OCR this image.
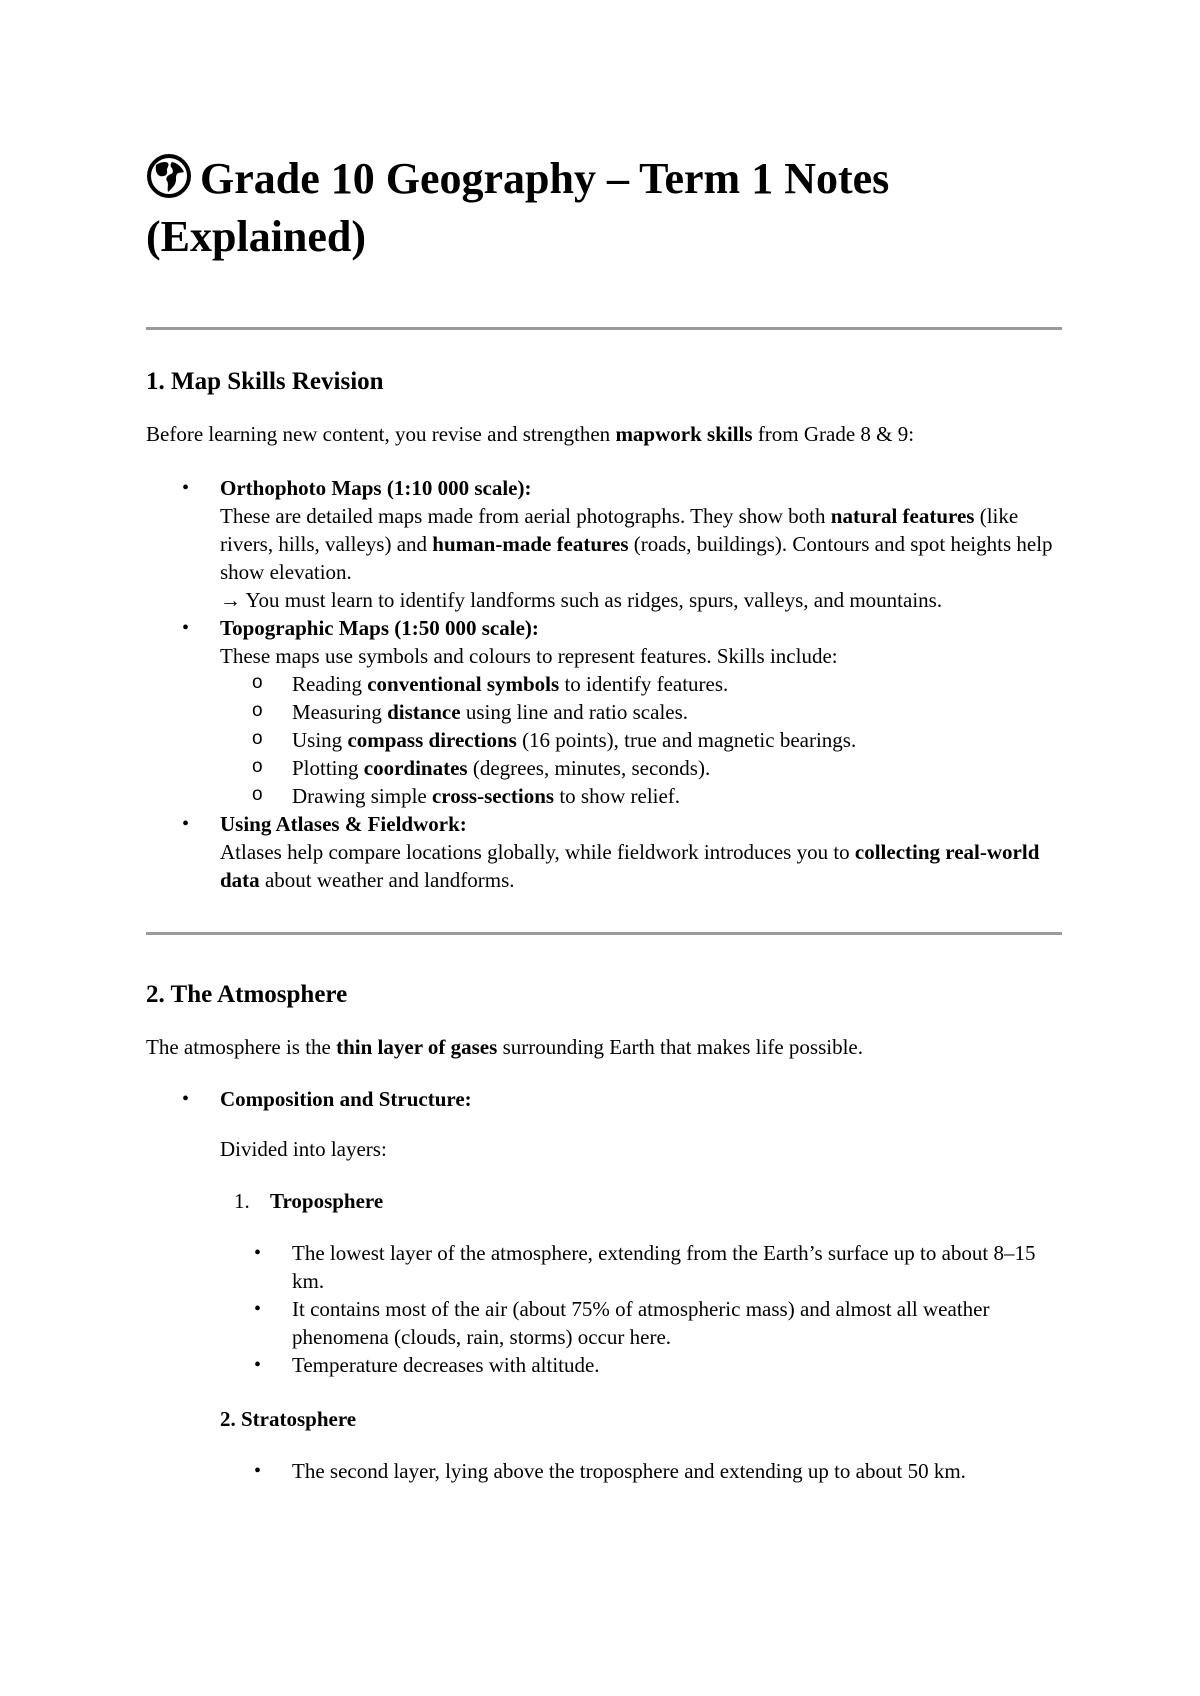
Grade 10 Geography – Term 1 Notes (Explained)
1. Map Skills Revision

Before learning new content, you revise and strengthen mapwork skills from Grade 8 & 9:

• Orthophoto Maps (1:10 000 scale):
These are detailed maps made from aerial photographs. They show both natural features (like rivers, hills, valleys) and human-made features (roads, buildings). Contours and spot heights help show elevation.
→ You must learn to identify landforms such as ridges, spurs, valleys, and mountains.
• Topographic Maps (1:50 000 scale):
These maps use symbols and colours to represent features. Skills include:
o Reading conventional symbols to identify features.
o Measuring distance using line and ratio scales.
o Using compass directions (16 points), true and magnetic bearings.
o Plotting coordinates (degrees, minutes, seconds).
o Drawing simple cross-sections to show relief.
• Using Atlases & Fieldwork:
Atlases help compare locations globally, while fieldwork introduces you to collecting real-world data about weather and landforms.
2. The Atmosphere

The atmosphere is the thin layer of gases surrounding Earth that makes life possible.

• Composition and Structure:
Divided into layers:
1. Troposphere
• The lowest layer of the atmosphere, extending from the Earth’s surface up to about 8–15 km.
• It contains most of the air (about 75% of atmospheric mass) and almost all weather phenomena (clouds, rain, storms) occur here.
• Temperature decreases with altitude.
2. Stratosphere
• The second layer, lying above the troposphere and extending up to about 50 km.
